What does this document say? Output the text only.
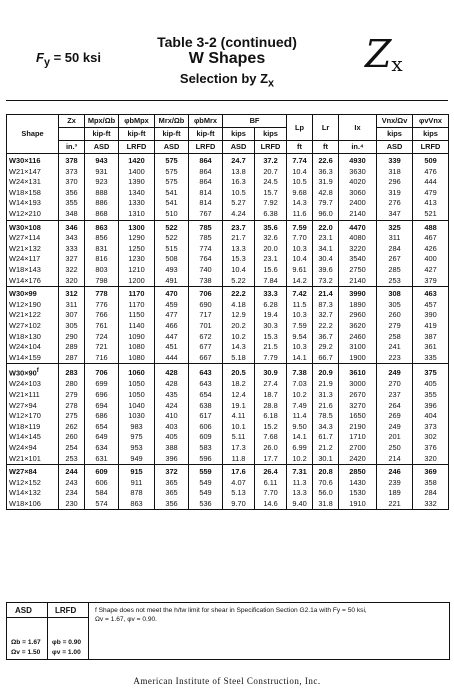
$F_y = 50$ ksi
Table 3-2 (continued)
W Shapes
Selection by $Z_x$
$Z_x$
Shape	Zx	Mpx/Ωb	φbMpx	Mrx/Ωb	φbMrx	BF		Lp	Lr	Ix	Vnx/Ωv	φvVnx
		kip-ft	kip-ft	kip-ft	kip-ft	kips	kips				kips	kips
	in.³	ASD	LRFD	ASD	LRFD	ASD	LRFD	ft	ft	in.⁴	ASD	LRFD
W30×116	378	943	1420	575	864	24.7	37.2	7.74	22.6	4930	339	509
W21×147	373	931	1400	575	864	13.8	20.7	10.4	36.3	3630	318	476
W24×131	370	923	1390	575	864	16.3	24.5	10.5	31.9	4020	296	444
W18×158	356	888	1340	541	814	10.5	15.7	9.68	42.8	3060	319	479
W14×193	355	886	1330	541	814	5.27	7.92	14.3	79.7	2400	276	413
W12×210	348	868	1310	510	767	4.24	6.38	11.6	96.0	2140	347	521
W30×108	346	863	1300	522	785	23.7	35.6	7.59	22.0	4470	325	488
W27×114	343	856	1290	522	785	21.7	32.6	7.70	23.1	4080	311	467
W21×132	333	831	1250	515	774	13.3	20.0	10.3	34.1	3220	284	426
W24×117	327	816	1230	508	764	15.3	23.1	10.4	30.4	3540	267	400
W18×143	322	803	1210	493	740	10.4	15.6	9.61	39.6	2750	285	427
W14×176	320	798	1200	491	738	5.22	7.84	14.2	73.2	2140	253	379
W30×99	312	778	1170	470	706	22.2	33.3	7.42	21.4	3990	308	463
W12×190	311	776	1170	459	690	4.18	6.28	11.5	87.3	1890	305	457
W21×122	307	766	1150	477	717	12.9	19.4	10.3	32.7	2960	260	390
W27×102	305	761	1140	466	701	20.2	30.3	7.59	22.2	3620	279	419
W18×130	290	724	1090	447	672	10.2	15.3	9.54	36.7	2460	258	387
W24×104	289	721	1080	451	677	14.3	21.5	10.3	29.2	3100	241	361
W14×159	287	716	1080	444	667	5.18	7.79	14.1	66.7	1900	223	335
$W30\times 90^f$	283	706	1060	428	643	20.5	30.9	7.38	20.9	3610	249	375
W24×103	280	699	1050	428	643	18.2	27.4	7.03	21.9	3000	270	405
W21×111	279	696	1050	435	654	12.4	18.7	10.2	31.3	2670	237	355
W27×94	278	694	1040	424	638	19.1	28.8	7.49	21.6	3270	264	396
W12×170	275	686	1030	410	617	4.11	6.18	11.4	78.5	1650	269	404
W18×119	262	654	983	403	606	10.1	15.2	9.50	34.3	2190	249	373
W14×145	260	649	975	405	609	5.11	7.68	14.1	61.7	1710	201	302
W24×94	254	634	953	388	583	17.3	26.0	6.99	21.2	2700	250	376
W21×101	253	631	949	396	596	11.8	17.7	10.2	30.1	2420	214	320
W27×84	244	609	915	372	559	17.6	26.4	7.31	20.8	2850	246	369
W12×152	243	606	911	365	549	4.07	6.11	11.3	70.6	1430	239	358
W14×132	234	584	878	365	549	5.13	7.70	13.3	56.0	1530	189	284
W18×106	230	574	863	356	536	9.70	14.6	9.40	31.8	1910	221	332
ASD	LRFD
Ωb = 1.67
Ωv = 1.50
φb = 0.90
φv = 1.00
f Shape does not meet the h/tw limit for shear in Specification Section G2.1a with Fy = 50 ksi,
Ωv = 1.67, φv = 0.90.
American Institute of Steel Construction, Inc.
